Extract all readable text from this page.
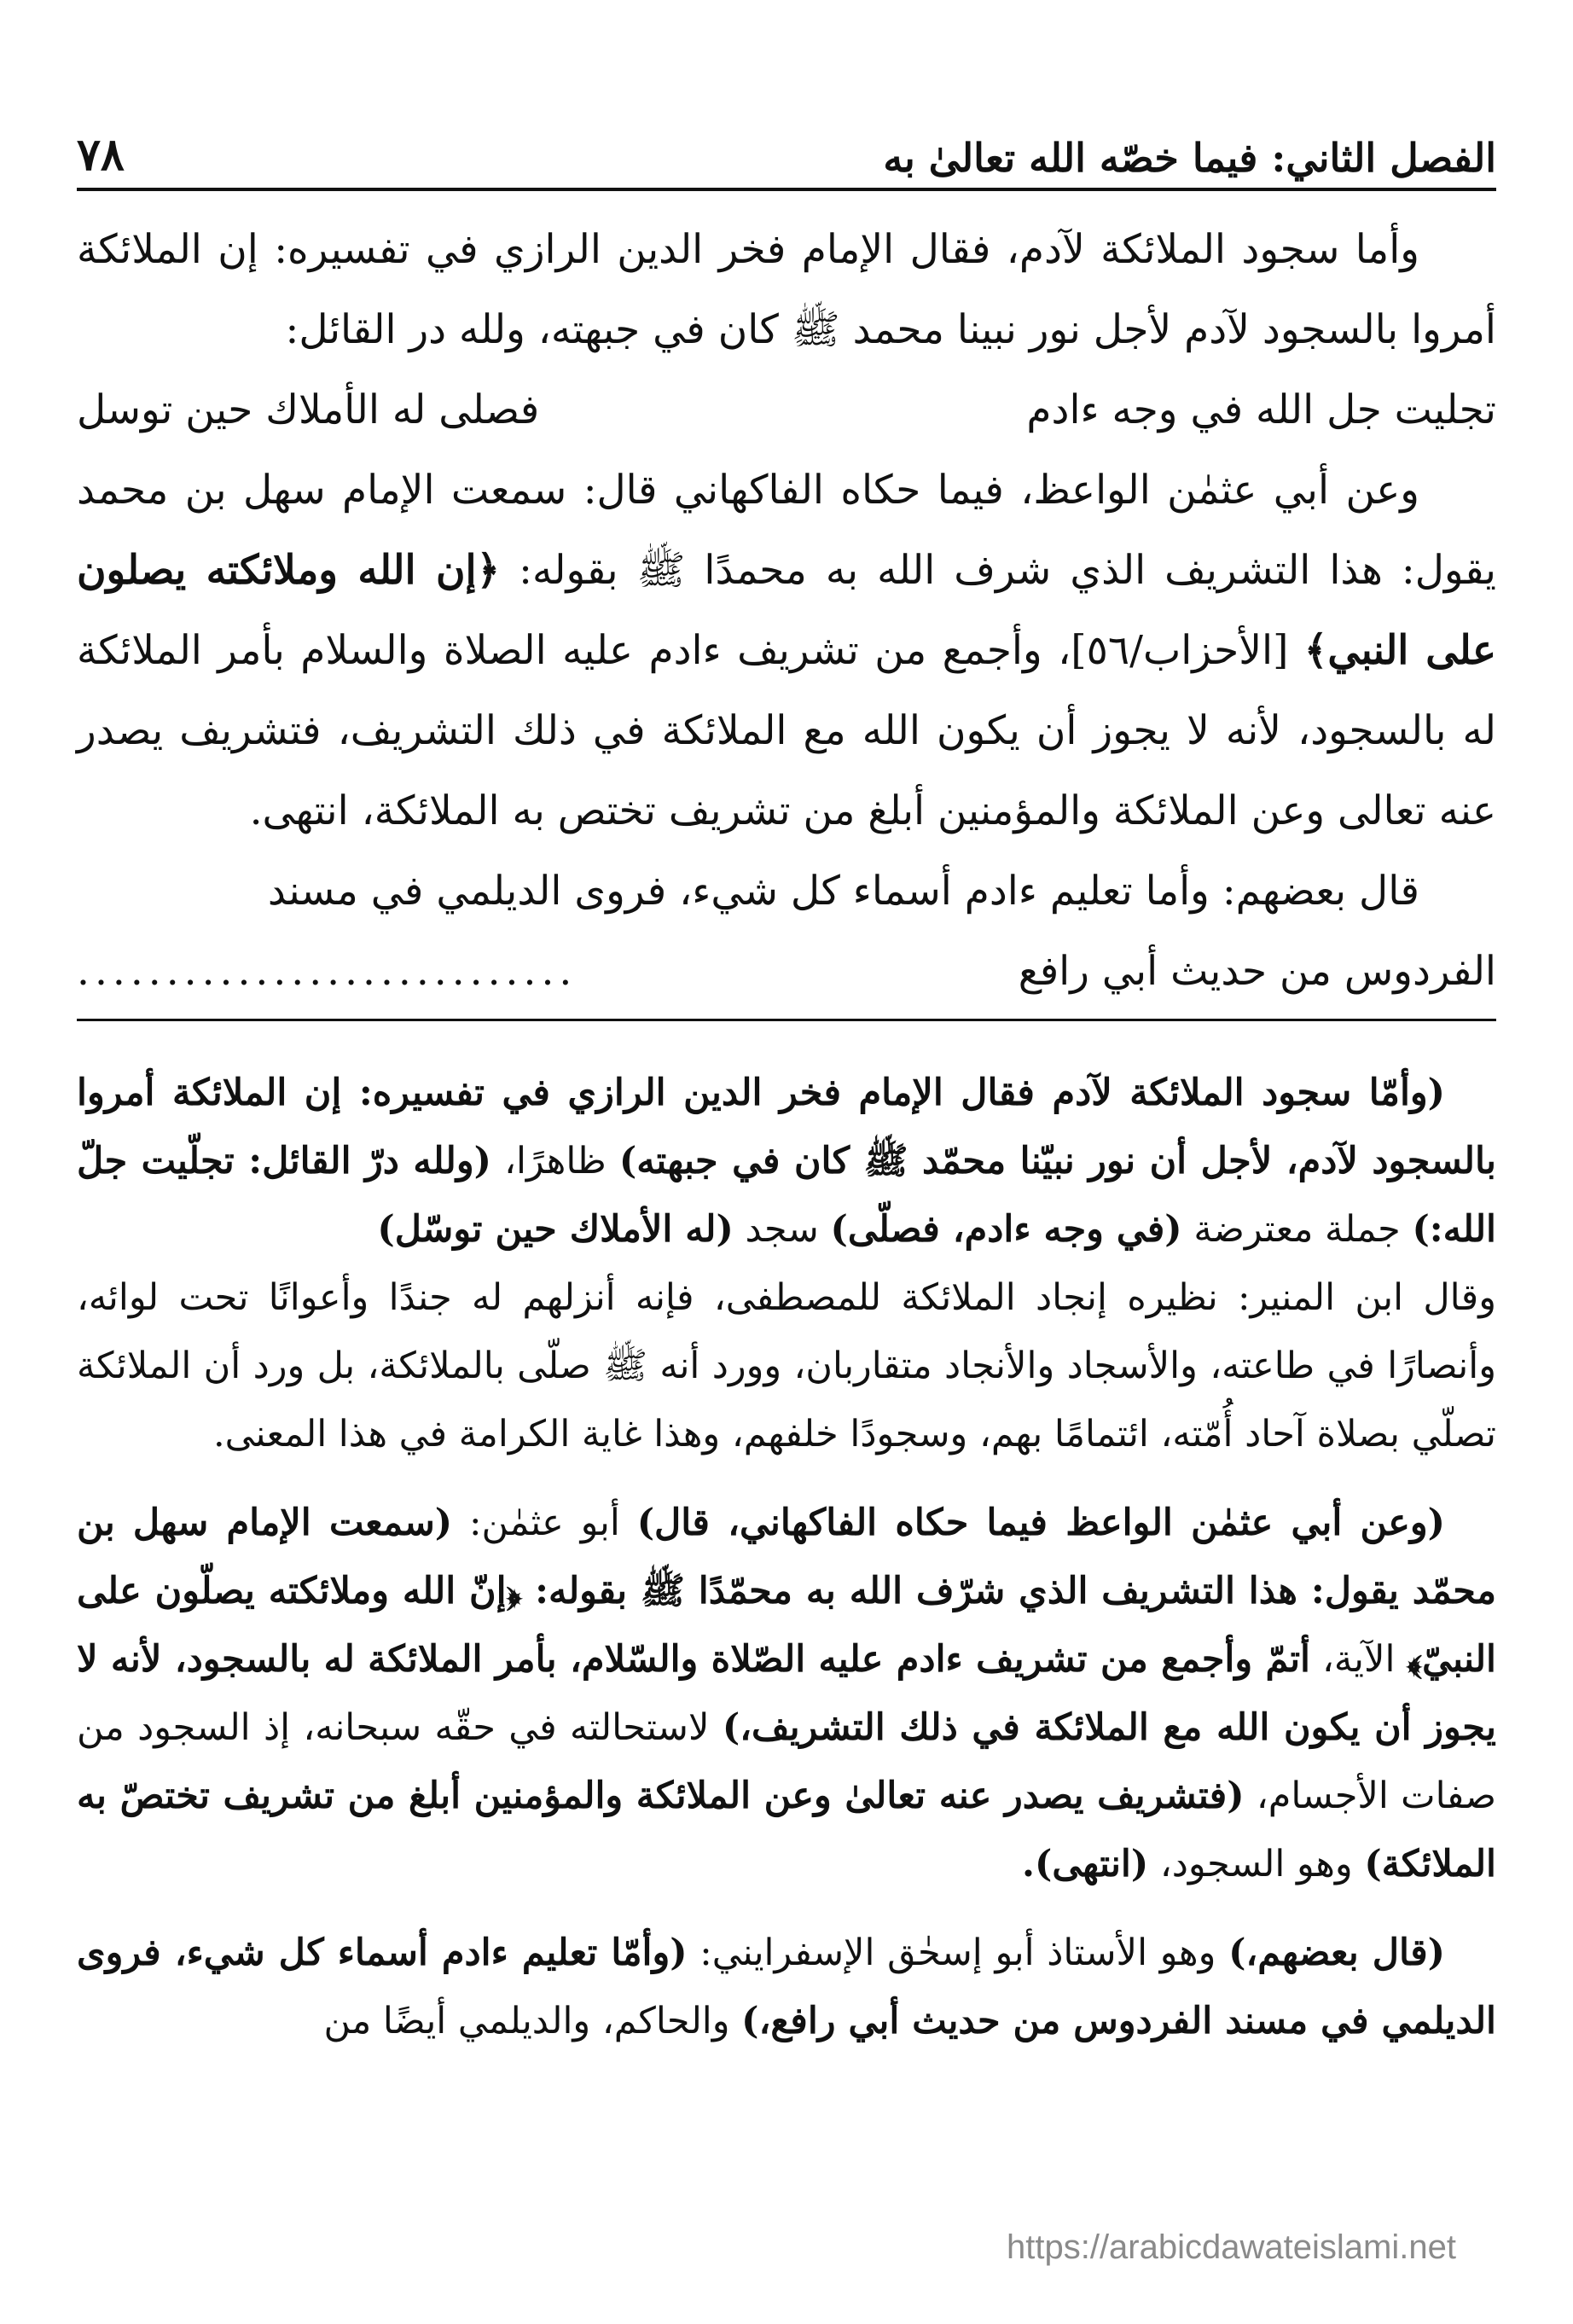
الفصل الثاني: فيما خصّه الله تعالىٰ به
٧٨

وأما سجود الملائكة لآدم، فقال الإمام فخر الدين الرازي في تفسيره: إن الملائكة أمروا بالسجود لآدم لأجل نور نبينا محمد ﷺ كان في جبهته، ولله در القائل:

تجليت جل الله في وجه ءادم
فصلى له الأملاك حين توسل

وعن أبي عثمٰن الواعظ، فيما حكاه الفاكهاني قال: سمعت الإمام سهل بن محمد يقول: هذا التشريف الذي شرف الله به محمدًا ﷺ بقوله: ﴿إن الله وملائكته يصلون على النبي﴾ [الأحزاب/٥٦]، وأجمع من تشريف ءادم عليه الصلاة والسلام بأمر الملائكة له بالسجود، لأنه لا يجوز أن يكون الله مع الملائكة في ذلك التشريف، فتشريف يصدر عنه تعالى وعن الملائكة والمؤمنين أبلغ من تشريف تختص به الملائكة، انتهى.

قال بعضهم: وأما تعليم ءادم أسماء كل شيء، فروى الديلمي في مسند

الفردوس من حديث أبي رافع
............................

(وأمّا سجود الملائكة لآدم فقال الإمام فخر الدين الرازي في تفسيره: إن الملائكة أمروا بالسجود لآدم، لأجل أن نور نبيّنا محمّد ﷺ كان في جبهته) ظاهرًا، (ولله درّ القائل: تجلّيت جلّ الله:) جملة معترضة (في وجه ءادم، فصلّى) سجد (له الأملاك حين توسّل)

وقال ابن المنير: نظيره إنجاد الملائكة للمصطفى، فإنه أنزلهم له جندًا وأعوانًا تحت لوائه، وأنصارًا في طاعته، والأسجاد والأنجاد متقاربان، وورد أنه ﷺ صلّى بالملائكة، بل ورد أن الملائكة تصلّي بصلاة آحاد أُمّته، ائتمامًا بهم، وسجودًا خلفهم، وهذا غاية الكرامة في هذا المعنى.

(وعن أبي عثمٰن الواعظ فيما حكاه الفاكهاني، قال) أبو عثمٰن: (سمعت الإمام سهل بن محمّد يقول: هذا التشريف الذي شرّف الله به محمّدًا ﷺ بقوله: ﴿إنّ الله وملائكته يصلّون على النبيّ﴾ الآية، أتمّ وأجمع من تشريف ءادم عليه الصّلاة والسّلام، بأمر الملائكة له بالسجود، لأنه لا يجوز أن يكون الله مع الملائكة في ذلك التشريف،) لاستحالته في حقّه سبحانه، إذ السجود من صفات الأجسام، (فتشريف يصدر عنه تعالىٰ وعن الملائكة والمؤمنين أبلغ من تشريف تختصّ به الملائكة) وهو السجود، (انتهى).

(قال بعضهم،) وهو الأستاذ أبو إسحٰق الإسفرايني: (وأمّا تعليم ءادم أسماء كل شيء، فروى الديلمي في مسند الفردوس من حديث أبي رافع،) والحاكم، والديلمي أيضًا من

https://arabicdawateislami.net
